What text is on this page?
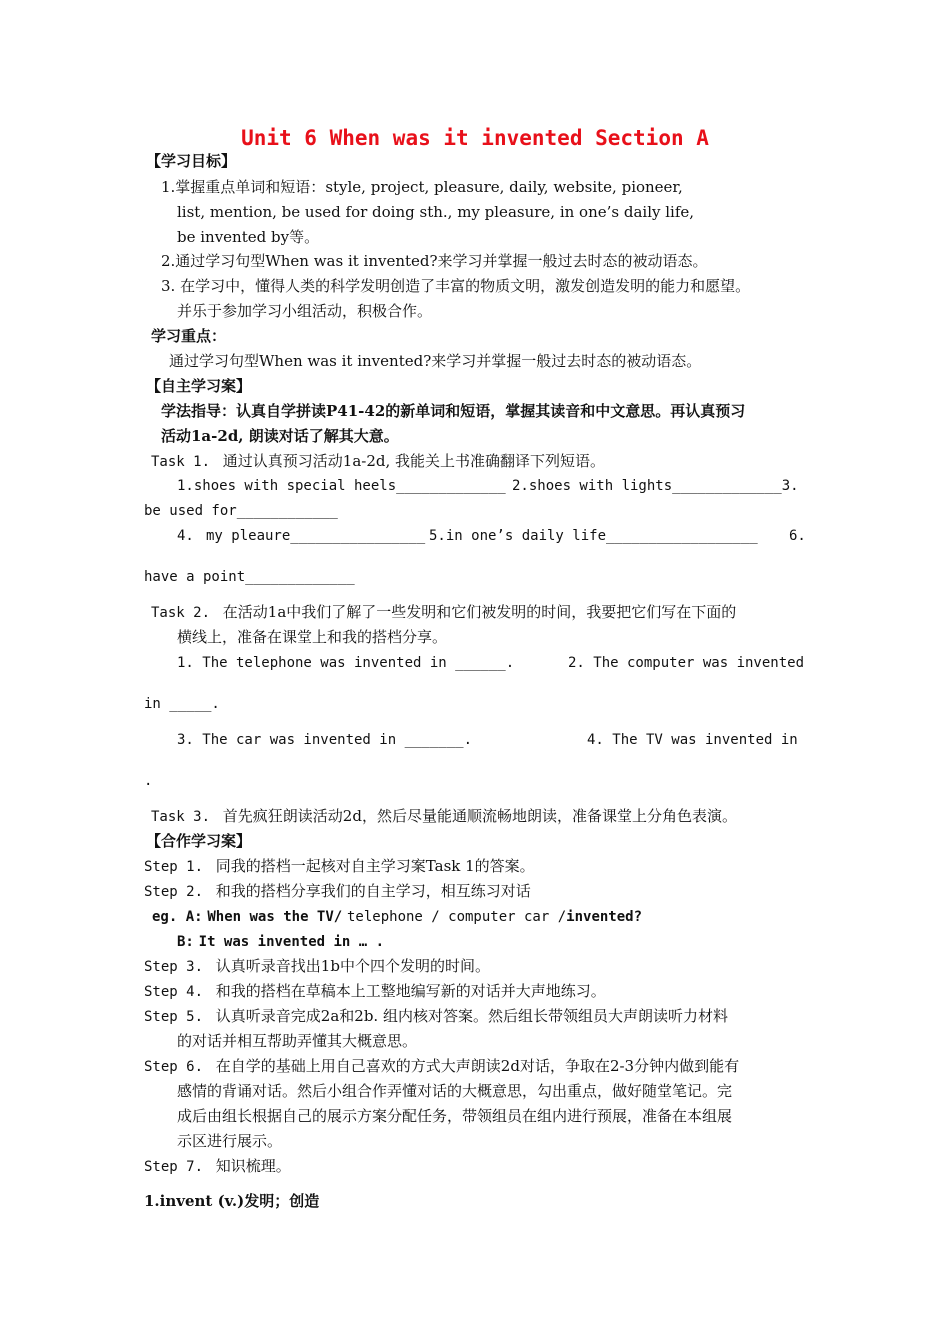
Unit 6 When was it invented Section A
【学习目标】
1.掌握重点单词和短语：style, project, pleasure, daily, website, pioneer,
list, mention, be used for doing sth., my pleasure, in one’s daily life,
be invented by等。
2.通过学习句型When was it invented?来学习并掌握一般过去时态的被动语态。
3. 在学习中，懂得人类的科学发明创造了丰富的物质文明，激发创造发明的能力和愿望。
并乐于参加学习小组活动，积极合作。
学习重点：
通过学习句型When was it invented?来学习并掌握一般过去时态的被动语态。
【自主学习案】
学法指导：认真自学拼读P41-42的新单词和短语，掌握其读音和中文意思。再认真预习
活动1a-2d, 朗读对话了解其大意。
Task 1. 通过认真预习活动1a-2d, 我能关上书准确翻译下列短语。
1.shoes with special heels_____________ 2.shoes with lights_____________3.
be used for____________
4. my pleaure________________ 5.in one’s daily life__________________ 6.
have a point_____________
Task 2. 在活动1a中我们了解了一些发明和它们被发明的时间，我要把它们写在下面的
横线上，准备在课堂上和我的搭档分享。
1. The telephone was invented in ______.	2. The computer was invented
in _____.
3. The car was invented in _______.	4. The TV was invented in
.
Task 3. 首先疯狂朗读活动2d，然后尽量能通顺流畅地朗读，准备课堂上分角色表演。
【合作学习案】
Step 1. 同我的搭档一起核对自主学习案Task 1的答案。
Step 2. 和我的搭档分享我们的自主学习，相互练习对话
eg. A: When was the TV/ telephone / computer car /invented?
B: It was invented in … .
Step 3. 认真听录音找出1b中个四个发明的时间。
Step 4. 和我的搭档在草稿本上工整地编写新的对话并大声地练习。
Step 5. 认真听录音完成2a和2b. 组内核对答案。然后组长带领组员大声朗读听力材料
的对话并相互帮助弄懂其大概意思。
Step 6. 在自学的基础上用自己喜欢的方式大声朗读2d对话，争取在2-3分钟内做到能有
感情的背诵对话。然后小组合作弄懂对话的大概意思，勾出重点，做好随堂笔记。完
成后由组长根据自己的展示方案分配任务，带领组员在组内进行预展，准备在本组展
示区进行展示。
Step 7. 知识梳理。
1.invent (v.)发明；创造
